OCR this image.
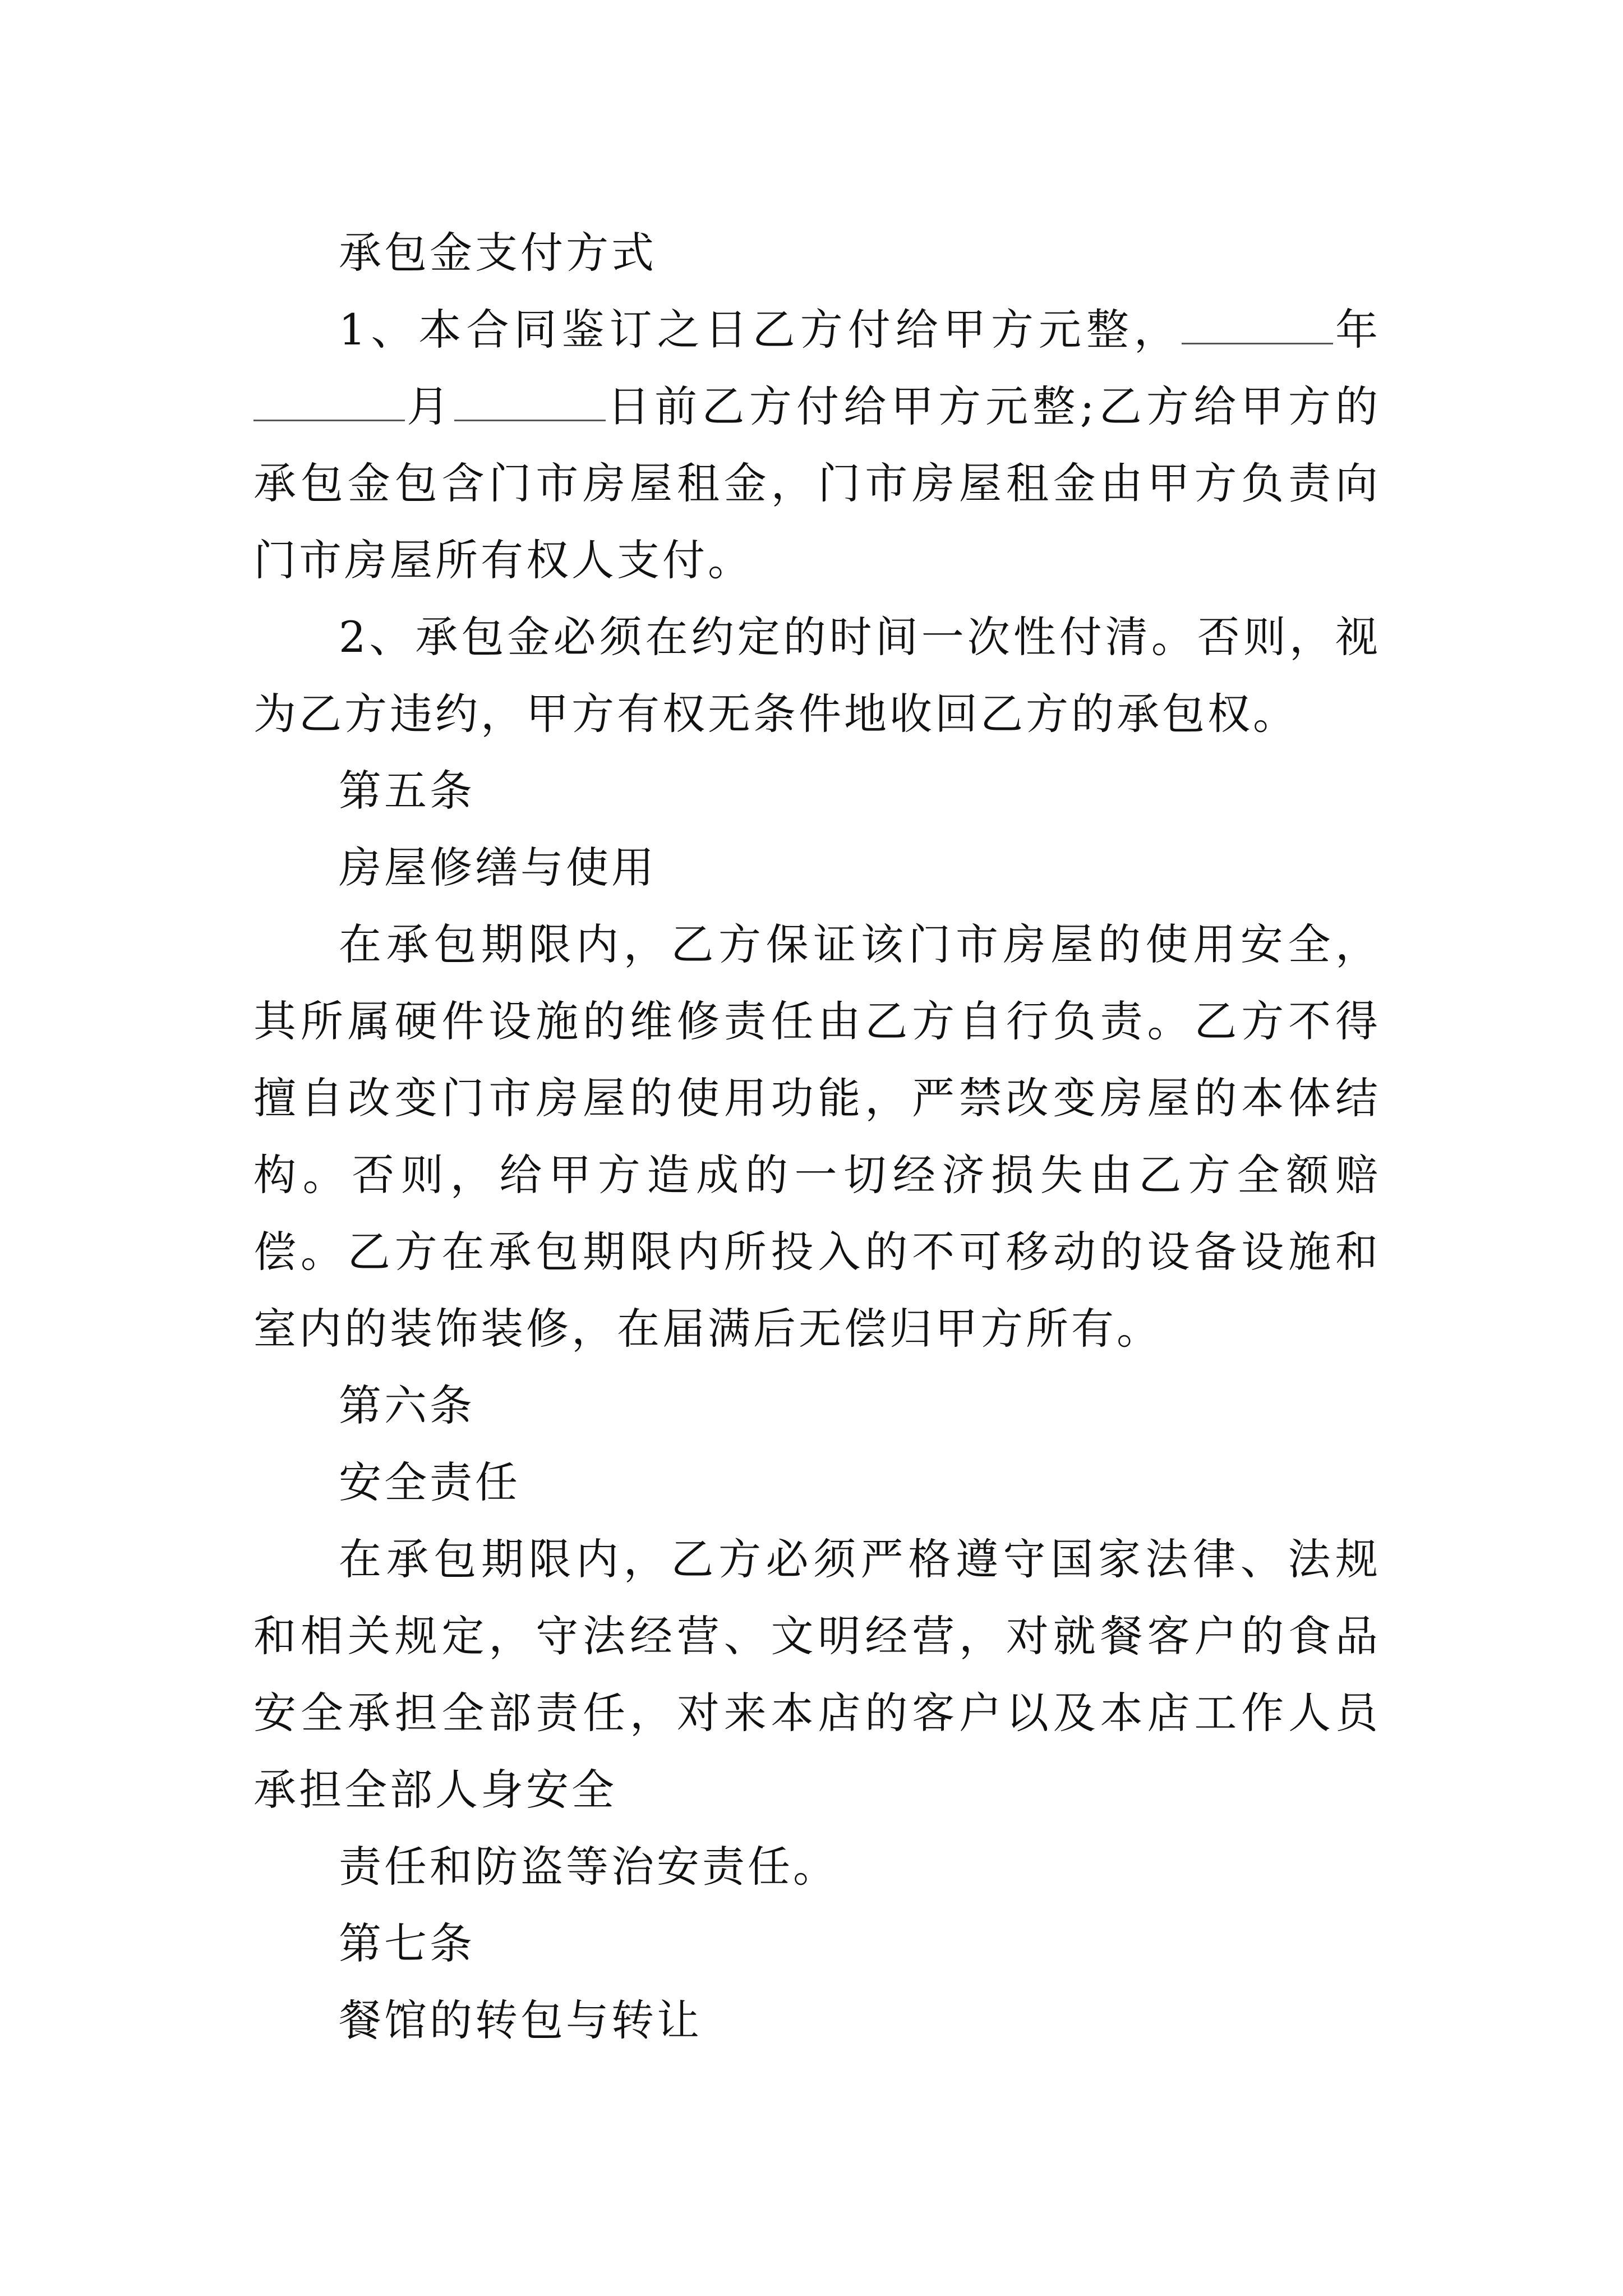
承包金支付方式

1、本合同鉴订之日乙方付给甲方元整，	年月	日前乙方付给甲方元整;乙方给甲方的承包金包含门市房屋租金，门市房屋租金由甲方负责向门市房屋所有权人支付。

2、承包金必须在约定的时间一次性付清。否则，视为乙方违约，甲方有权无条件地收回乙方的承包权。

第五条

房屋修缮与使用

在承包期限内，乙方保证该门市房屋的使用安全，其所属硬件设施的维修责任由乙方自行负责。乙方不得擅自改变门市房屋的使用功能，严禁改变房屋的本体结构。否则，给甲方造成的一切经济损失由乙方全额赔偿。乙方在承包期限内所投入的不可移动的设备设施和室内的装饰装修，在届满后无偿归甲方所有。

第六条

安全责任

在承包期限内，乙方必须严格遵守国家法律、法规和相关规定，守法经营、文明经营，对就餐客户的食品安全承担全部责任，对来本店的客户以及本店工作人员承担全部人身安全

责任和防盗等治安责任。

第七条

餐馆的转包与转让
